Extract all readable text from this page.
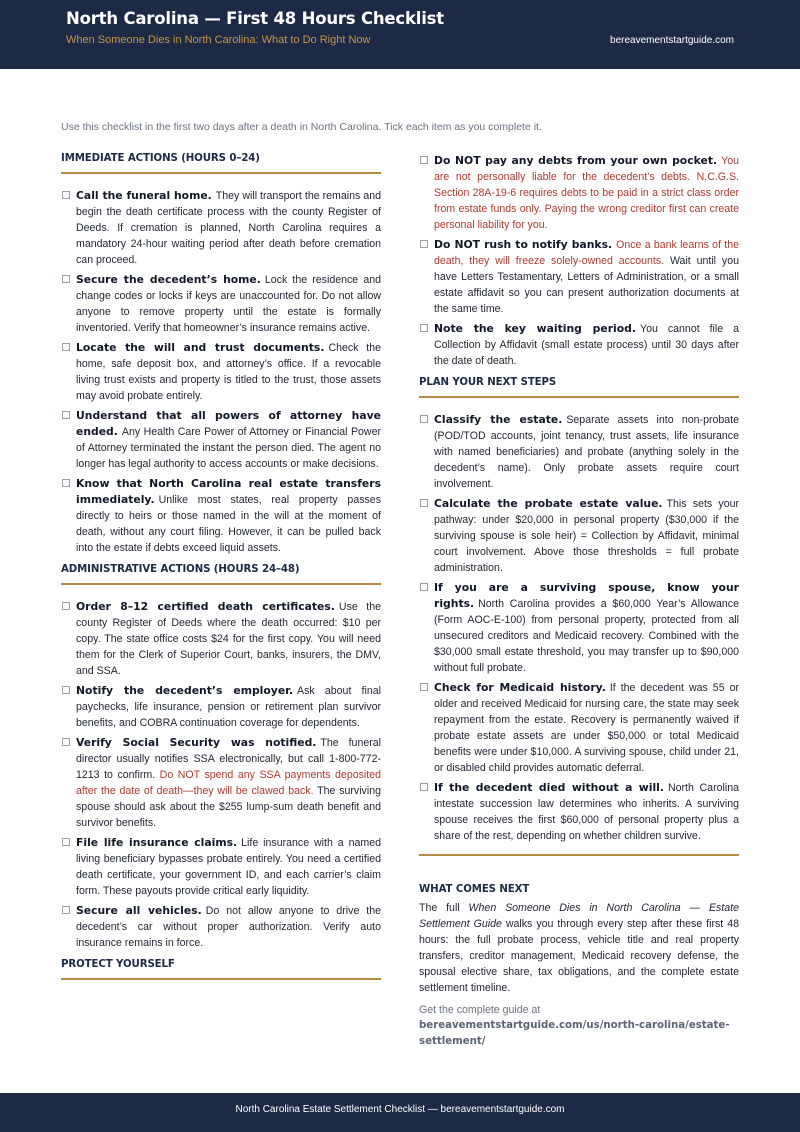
North Carolina — First 48 Hours Checklist
When Someone Dies in North Carolina: What to Do Right Now	bereavementstartguide.com
Use this checklist in the first two days after a death in North Carolina. Tick each item as you complete it.
IMMEDIATE ACTIONS (HOURS 0–24)
Call the funeral home. They will transport the remains and begin the death certificate process with the county Register of Deeds. If cremation is planned, North Carolina requires a mandatory 24-hour waiting period after death before cremation can proceed.
Secure the decedent’s home. Lock the residence and change codes or locks if keys are unaccounted for. Do not allow anyone to remove property until the estate is formally inventoried. Verify that homeowner’s insurance remains active.
Locate the will and trust documents. Check the home, safe deposit box, and attorney’s office. If a revocable living trust exists and property is titled to the trust, those assets may avoid probate entirely.
Understand that all powers of attorney have ended. Any Health Care Power of Attorney or Financial Power of Attorney terminated the instant the person died. The agent no longer has legal authority to access accounts or make decisions.
Know that North Carolina real estate transfers immediately. Unlike most states, real property passes directly to heirs or those named in the will at the moment of death, without any court filing. However, it can be pulled back into the estate if debts exceed liquid assets.
ADMINISTRATIVE ACTIONS (HOURS 24–48)
Order 8–12 certified death certificates. Use the county Register of Deeds where the death occurred: $10 per copy. The state office costs $24 for the first copy. You will need them for the Clerk of Superior Court, banks, insurers, the DMV, and SSA.
Notify the decedent’s employer. Ask about final paychecks, life insurance, pension or retirement plan survivor benefits, and COBRA continuation coverage for dependents.
Verify Social Security was notified. The funeral director usually notifies SSA electronically, but call 1-800-772-1213 to confirm. Do NOT spend any SSA payments deposited after the date of death—they will be clawed back. The surviving spouse should ask about the $255 lump-sum death benefit and survivor benefits.
File life insurance claims. Life insurance with a named living beneficiary bypasses probate entirely. You need a certified death certificate, your government ID, and each carrier’s claim form. These payouts provide critical early liquidity.
Secure all vehicles. Do not allow anyone to drive the decedent’s car without proper authorization. Verify auto insurance remains in force.
PROTECT YOURSELF
Do NOT pay any debts from your own pocket. You are not personally liable for the decedent’s debts. N.C.G.S. Section 28A-19-6 requires debts to be paid in a strict class order from estate funds only. Paying the wrong creditor first can create personal liability for you.
Do NOT rush to notify banks. Once a bank learns of the death, they will freeze solely-owned accounts. Wait until you have Letters Testamentary, Letters of Administration, or a small estate affidavit so you can present authorization documents at the same time.
Note the key waiting period. You cannot file a Collection by Affidavit (small estate process) until 30 days after the date of death.
PLAN YOUR NEXT STEPS
Classify the estate. Separate assets into non-probate (POD/TOD accounts, joint tenancy, trust assets, life insurance with named beneficiaries) and probate (anything solely in the decedent’s name). Only probate assets require court involvement.
Calculate the probate estate value. This sets your pathway: under $20,000 in personal property ($30,000 if the surviving spouse is sole heir) = Collection by Affidavit, minimal court involvement. Above those thresholds = full probate administration.
If you are a surviving spouse, know your rights. North Carolina provides a $60,000 Year’s Allowance (Form AOC-E-100) from personal property, protected from all unsecured creditors and Medicaid recovery. Combined with the $30,000 small estate threshold, you may transfer up to $90,000 without full probate.
Check for Medicaid history. If the decedent was 55 or older and received Medicaid for nursing care, the state may seek repayment from the estate. Recovery is permanently waived if probate estate assets are under $50,000 or total Medicaid benefits were under $10,000. A surviving spouse, child under 21, or disabled child provides automatic deferral.
If the decedent died without a will. North Carolina intestate succession law determines who inherits. A surviving spouse receives the first $60,000 of personal property plus a share of the rest, depending on whether children survive.
WHAT COMES NEXT
The full When Someone Dies in North Carolina — Estate Settlement Guide walks you through every step after these first 48 hours: the full probate process, vehicle title and real property transfers, creditor management, Medicaid recovery defense, the spousal elective share, tax obligations, and the complete estate settlement timeline.
Get the complete guide at
bereavementstartguide.com/us/north-carolina/estate-settlement/
North Carolina Estate Settlement Checklist — bereavementstartguide.com
